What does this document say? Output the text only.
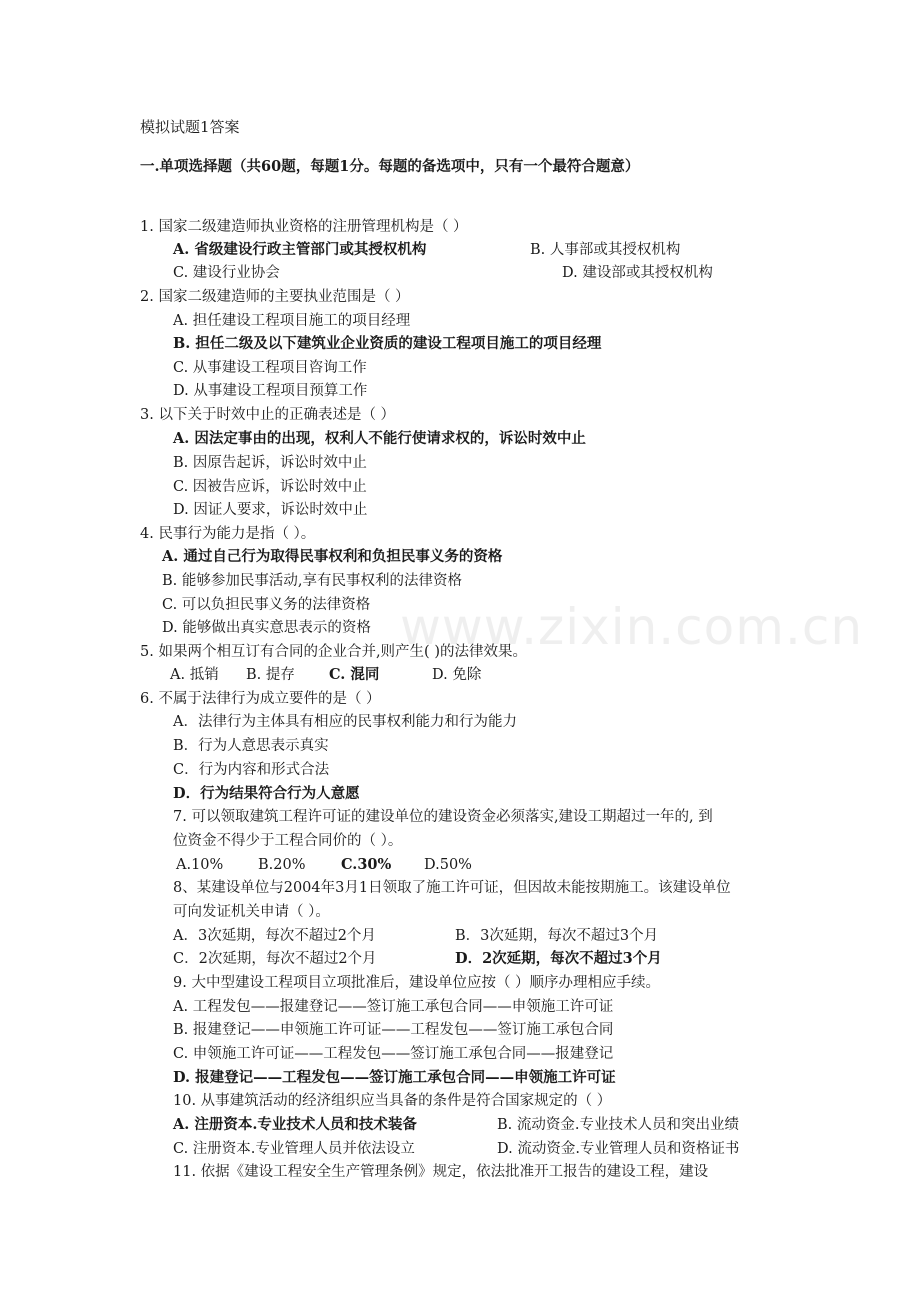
www.zixin.com.cn
模拟试题1答案
一.单项选择题（共60题，每题1分。每题的备选项中，只有一个最符合题意）
1. 国家二级建造师执业资格的注册管理机构是（ ）
A. 省级建设行政主管部门或其授权机构	B. 人事部或其授权机构
C. 建设行业协会	D. 建设部或其授权机构
2. 国家二级建造师的主要执业范围是（ ）
A. 担任建设工程项目施工的项目经理
B. 担任二级及以下建筑业企业资质的建设工程项目施工的项目经理
C. 从事建设工程项目咨询工作
D. 从事建设工程项目预算工作
3. 以下关于时效中止的正确表述是（ ）
A. 因法定事由的出现，权利人不能行使请求权的，诉讼时效中止
B. 因原告起诉，诉讼时效中止
C. 因被告应诉，诉讼时效中止
D. 因证人要求，诉讼时效中止
4. 民事行为能力是指（ ）。
A. 通过自己行为取得民事权利和负担民事义务的资格
B. 能够参加民事活动,享有民事权利的法律资格
C. 可以负担民事义务的法律资格
D. 能够做出真实意思表示的资格
5. 如果两个相互订有合同的企业合并,则产生( )的法律效果。
A. 抵销 B. 提存 C. 混同	D. 免除
6. 不属于法律行为成立要件的是（ ）
A．法律行为主体具有相应的民事权利能力和行为能力
B．行为人意思表示真实
C．行为内容和形式合法
D．行为结果符合行为人意愿
7. 可以领取建筑工程许可证的建设单位的建设资金必须落实,建设工期超过一年的, 到
位资金不得少于工程合同价的（ ）。
A.10% B.20% C.30% D.50%
8、某建设单位与2004年3月1日领取了施工许可证，但因故未能按期施工。该建设单位
可向发证机关申请（ ）。
A．3次延期，每次不超过2个月	B．3次延期，每次不超过3个月
C．2次延期，每次不超过2个月	D．2次延期，每次不超过3个月
9. 大中型建设工程项目立项批准后，建设单位应按（ ）顺序办理相应手续。
A. 工程发包——报建登记——签订施工承包合同——申领施工许可证
B. 报建登记——申领施工许可证——工程发包——签订施工承包合同
C. 申领施工许可证——工程发包——签订施工承包合同——报建登记
D. 报建登记——工程发包——签订施工承包合同——申领施工许可证
10. 从事建筑活动的经济组织应当具备的条件是符合国家规定的（ ）
A. 注册资本.专业技术人员和技术装备	B. 流动资金.专业技术人员和突出业绩
C. 注册资本.专业管理人员并依法设立	D. 流动资金.专业管理人员和资格证书
11. 依据《建设工程安全生产管理条例》规定，依法批准开工报告的建设工程，建设
